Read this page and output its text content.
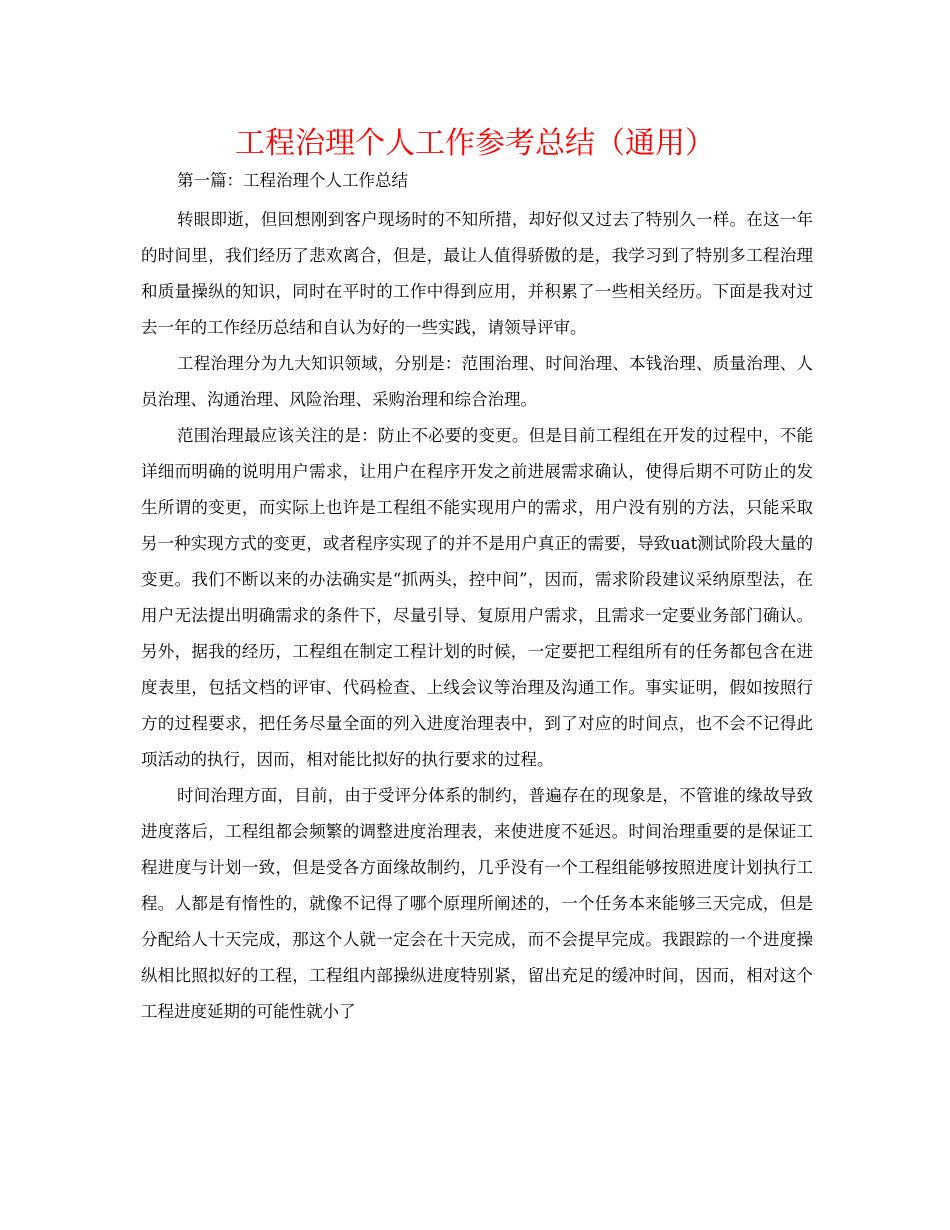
工程治理个人工作参考总结（通用）

第一篇：工程治理个人工作总结

转眼即逝，但回想刚到客户现场时的不知所措，却好似又过去了特别久一样。在这一年的时间里，我们经历了悲欢离合，但是，最让人值得骄傲的是，我学习到了特别多工程治理和质量操纵的知识，同时在平时的工作中得到应用，并积累了一些相关经历。下面是我对过去一年的工作经历总结和自认为好的一些实践，请领导评审。

工程治理分为九大知识领域，分别是：范围治理、时间治理、本钱治理、质量治理、人员治理、沟通治理、风险治理、采购治理和综合治理。

范围治理最应该关注的是：防止不必要的变更。但是目前工程组在开发的过程中，不能详细而明确的说明用户需求，让用户在程序开发之前进展需求确认，使得后期不可防止的发生所谓的变更，而实际上也许是工程组不能实现用户的需求，用户没有别的方法，只能采取另一种实现方式的变更，或者程序实现了的并不是用户真正的需要，导致uat测试阶段大量的变更。我们不断以来的办法确实是“抓两头，控中间”，因而，需求阶段建议采纳原型法，在用户无法提出明确需求的条件下，尽量引导、复原用户需求，且需求一定要业务部门确认。另外，据我的经历，工程组在制定工程计划的时候，一定要把工程组所有的任务都包含在进度表里，包括文档的评审、代码检查、上线会议等治理及沟通工作。事实证明，假如按照行方的过程要求，把任务尽量全面的列入进度治理表中，到了对应的时间点，也不会不记得此项活动的执行，因而，相对能比拟好的执行要求的过程。

时间治理方面，目前，由于受评分体系的制约，普遍存在的现象是，不管谁的缘故导致进度落后，工程组都会频繁的调整进度治理表，来使进度不延迟。时间治理重要的是保证工程进度与计划一致，但是受各方面缘故制约，几乎没有一个工程组能够按照进度计划执行工程。人都是有惰性的，就像不记得了哪个原理所阐述的，一个任务本来能够三天完成，但是分配给人十天完成，那这个人就一定会在十天完成，而不会提早完成。我跟踪的一个进度操纵相比照拟好的工程，工程组内部操纵进度特别紧，留出充足的缓冲时间，因而，相对这个工程进度延期的可能性就小了
